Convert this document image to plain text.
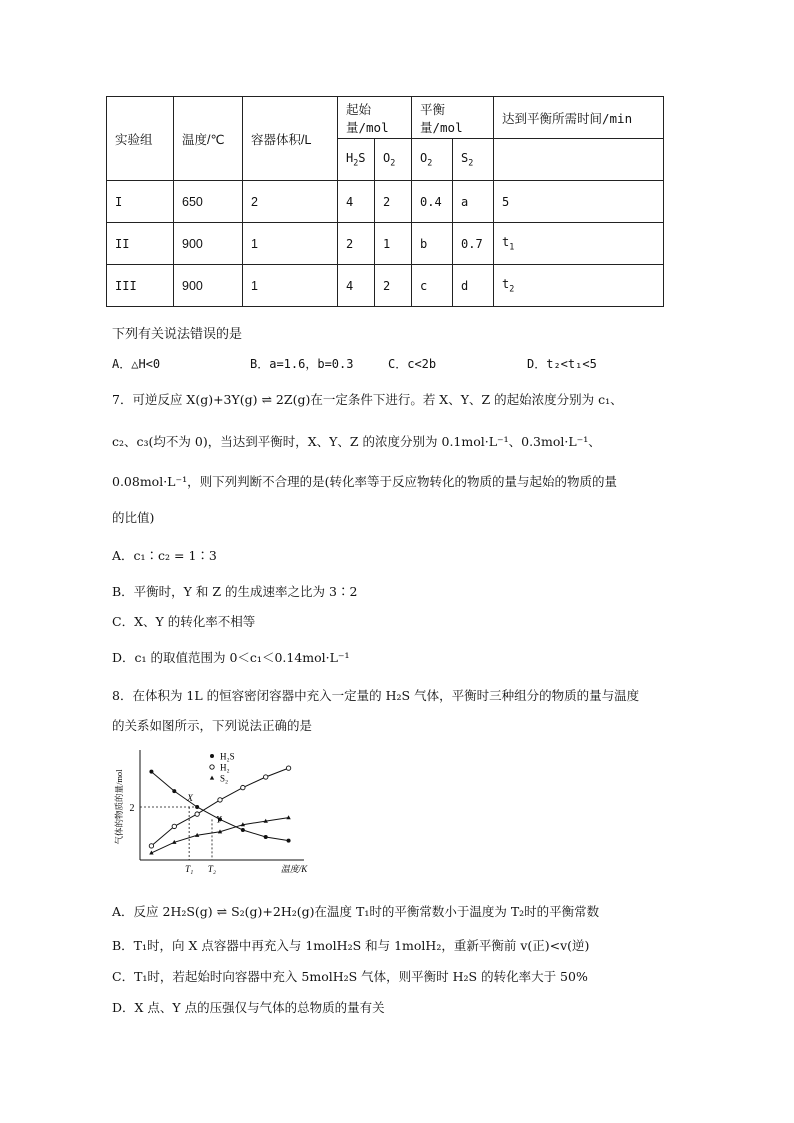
实验组	温度/℃	容器体积/L	起始量/mol		平衡量/mol		达到平衡所需时间/min
			$H_2S$	$O_2$	$O_2$	$S_2$	
I	650	2	4	2	0.4	a	5
II	900	1	2	1	b	0.7	$t_1$
III	900	1	4	2	c	d	$t_2$
下列有关说法错误的是
A．△H<0	B．a=1.6，b=0.3	C．c<2b	D．t₂<t₁<5
7．可逆反应 X(g)+3Y(g) ⇌ 2Z(g)在一定条件下进行。若 X、Y、Z 的起始浓度分别为 c₁、
c₂、c₃(均不为 0)，当达到平衡时，X、Y、Z 的浓度分别为 0.1mol·L⁻¹、0.3mol·L⁻¹、
0.08mol·L⁻¹，则下列判断不合理的是(转化率等于反应物转化的物质的量与起始的物质的量
的比值)
A．c₁∶c₂ = 1∶3
B．平衡时，Y 和 Z 的生成速率之比为 3∶2
C．X、Y 的转化率不相等
D．c₁ 的取值范围为 0＜c₁＜0.14mol·L⁻¹
8．在体积为 1L 的恒容密闭容器中充入一定量的 H₂S 气体，平衡时三种组分的物质的量与温度
的关系如图所示，下列说法正确的是
2
T₁ T₂	温度/K
气体的物质的量/mol	X
Y
H₂S
H₂
S₂
A．反应 2H₂S(g) ⇌ S₂(g)+2H₂(g)在温度 T₁时的平衡常数小于温度为 T₂时的平衡常数
B．T₁时，向 X 点容器中再充入与 1molH₂S 和与 1molH₂，重新平衡前 v(正)<v(逆)
C．T₁时，若起始时向容器中充入 5molH₂S 气体，则平衡时 H₂S 的转化率大于 50%
D．X 点、Y 点的压强仅与气体的总物质的量有关
